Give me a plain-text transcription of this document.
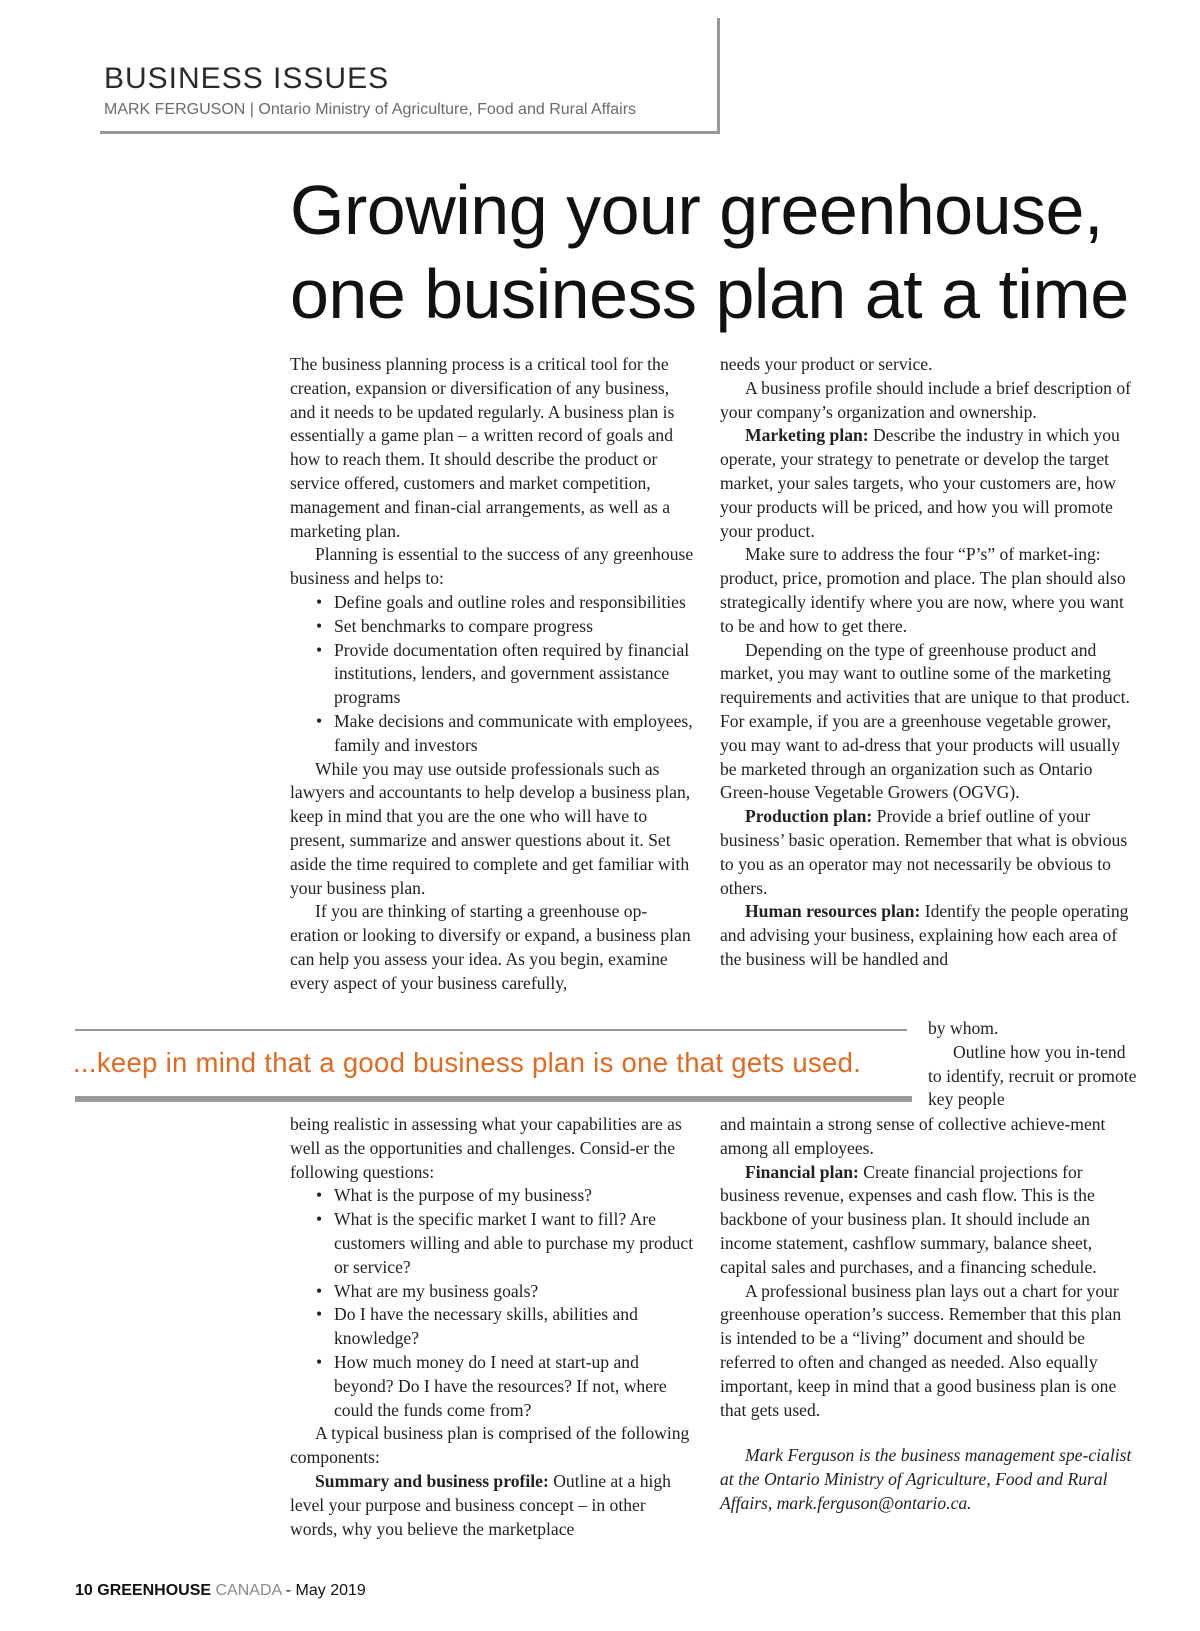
BUSINESS ISSUES
MARK FERGUSON | Ontario Ministry of Agriculture, Food and Rural Affairs
Growing your greenhouse,
one business plan at a time

The business planning process is a critical tool for the creation, expansion or diversification of any business, and it needs to be updated regularly. A business plan is essentially a game plan – a written record of goals and how to reach them. It should describe the product or service offered, customers and market competition, management and finan-cial arrangements, as well as a marketing plan.

Planning is essential to the success of any greenhouse business and helps to:

• Define goals and outline roles and responsibilities
• Set benchmarks to compare progress
• Provide documentation often required by financial institutions, lenders, and government assistance programs
• Make decisions and communicate with employees, family and investors

While you may use outside professionals such as lawyers and accountants to help develop a business plan, keep in mind that you are the one who will have to present, summarize and answer questions about it. Set aside the time required to complete and get familiar with your business plan.

If you are thinking of starting a greenhouse op-eration or looking to diversify or expand, a business plan can help you assess your idea. As you begin, examine every aspect of your business carefully,

needs your product or service.

A business profile should include a brief description of your company’s organization and ownership.

Marketing plan: Describe the industry in which you operate, your strategy to penetrate or develop the target market, your sales targets, who your customers are, how your products will be priced, and how you will promote your product.

Make sure to address the four “P’s” of market-ing: product, price, promotion and place. The plan should also strategically identify where you are now, where you want to be and how to get there.

Depending on the type of greenhouse product and market, you may want to outline some of the marketing requirements and activities that are unique to that product. For example, if you are a greenhouse vegetable grower, you may want to ad-dress that your products will usually be marketed through an organization such as Ontario Green-house Vegetable Growers (OGVG).

Production plan: Provide a brief outline of your business’ basic operation. Remember that what is obvious to you as an operator may not necessarily be obvious to others.

Human resources plan: Identify the people operating and advising your business, explaining how each area of the business will be handled and

by whom.

Outline how you in-tend to identify, recruit or promote key people

...keep in mind that a good business plan is one that gets used.

being realistic in assessing what your capabilities are as well as the opportunities and challenges. Consid-er the following questions:

• What is the purpose of my business?
• What is the specific market I want to fill? Are customers willing and able to purchase my product or service?
• What are my business goals?
• Do I have the necessary skills, abilities and knowledge?
• How much money do I need at start-up and beyond? Do I have the resources? If not, where could the funds come from?

A typical business plan is comprised of the following components:

Summary and business profile: Outline at a high level your purpose and business concept – in other words, why you believe the marketplace

and maintain a strong sense of collective achieve-ment among all employees.

Financial plan: Create financial projections for business revenue, expenses and cash flow. This is the backbone of your business plan. It should include an income statement, cashflow summary, balance sheet, capital sales and purchases, and a financing schedule.

A professional business plan lays out a chart for your greenhouse operation’s success. Remember that this plan is intended to be a “living” document and should be referred to often and changed as needed. Also equally important, keep in mind that a good business plan is one that gets used.

Mark Ferguson is the business management spe-cialist at the Ontario Ministry of Agriculture, Food and Rural Affairs, mark.ferguson@ontario.ca.

10 GREENHOUSE CANADA - May 2019
